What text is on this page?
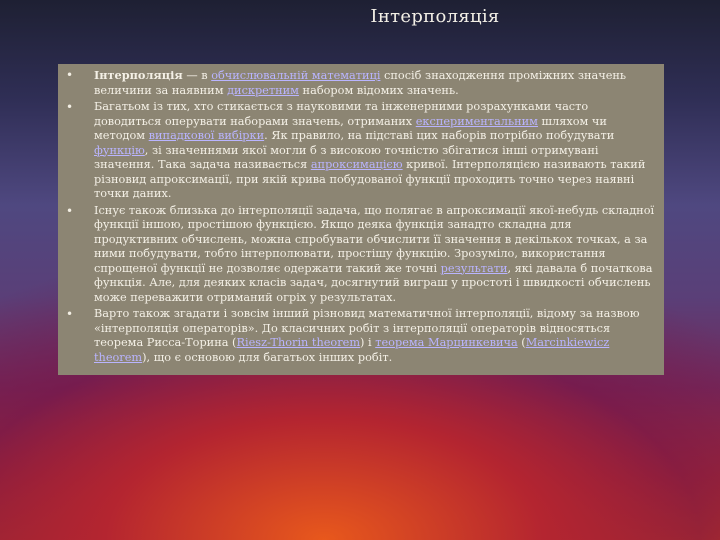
Інтерполяція
• Інтерполяція — в обчислювальній математиці спосіб знаходження проміжних значень величини за наявним дискретним набором відомих значень.
• Багатьом із тих, хто стикається з науковими та інженерними розрахунками часто доводиться оперувати наборами значень, отриманих експериментальним шляхом чи методом випадкової вибірки. Як правило, на підставі цих наборів потрібно побудувати функцію, зі значеннями якої могли б з високою точністю збігатися інші отримувані значення. Така задача називається апроксимацією кривої. Інтерполяцією називають такий різновид апроксимації, при якій крива побудованої функції проходить точно через наявні точки даних.
• Існує також близька до інтерполяції задача, що полягає в апроксимації якої-небудь складної функції іншою, простішою функцією. Якщо деяка функція занадто складна для продуктивних обчислень, можна спробувати обчислити її значення в декількох точках, а за ними побудувати, тобто інтерполювати, простішу функцію. Зрозуміло, використання спрощеної функції не дозволяє одержати такий же точні результати, які давала б початкова функція. Але, для деяких класів задач, досягнутий виграш у простоті і швидкості обчислень може переважити отриманий огріх у результатах.
• Варто також згадати і зовсім інший різновид математичної інтерполяції, відому за назвою «інтерполяція операторів». До класичних робіт з інтерполяції операторів відносяться теорема Рисса-Торина (Riesz-Thorin theorem) і теорема Марцинкевича (Marcinkiewicz theorem), що є основою для багатьох інших робіт.
